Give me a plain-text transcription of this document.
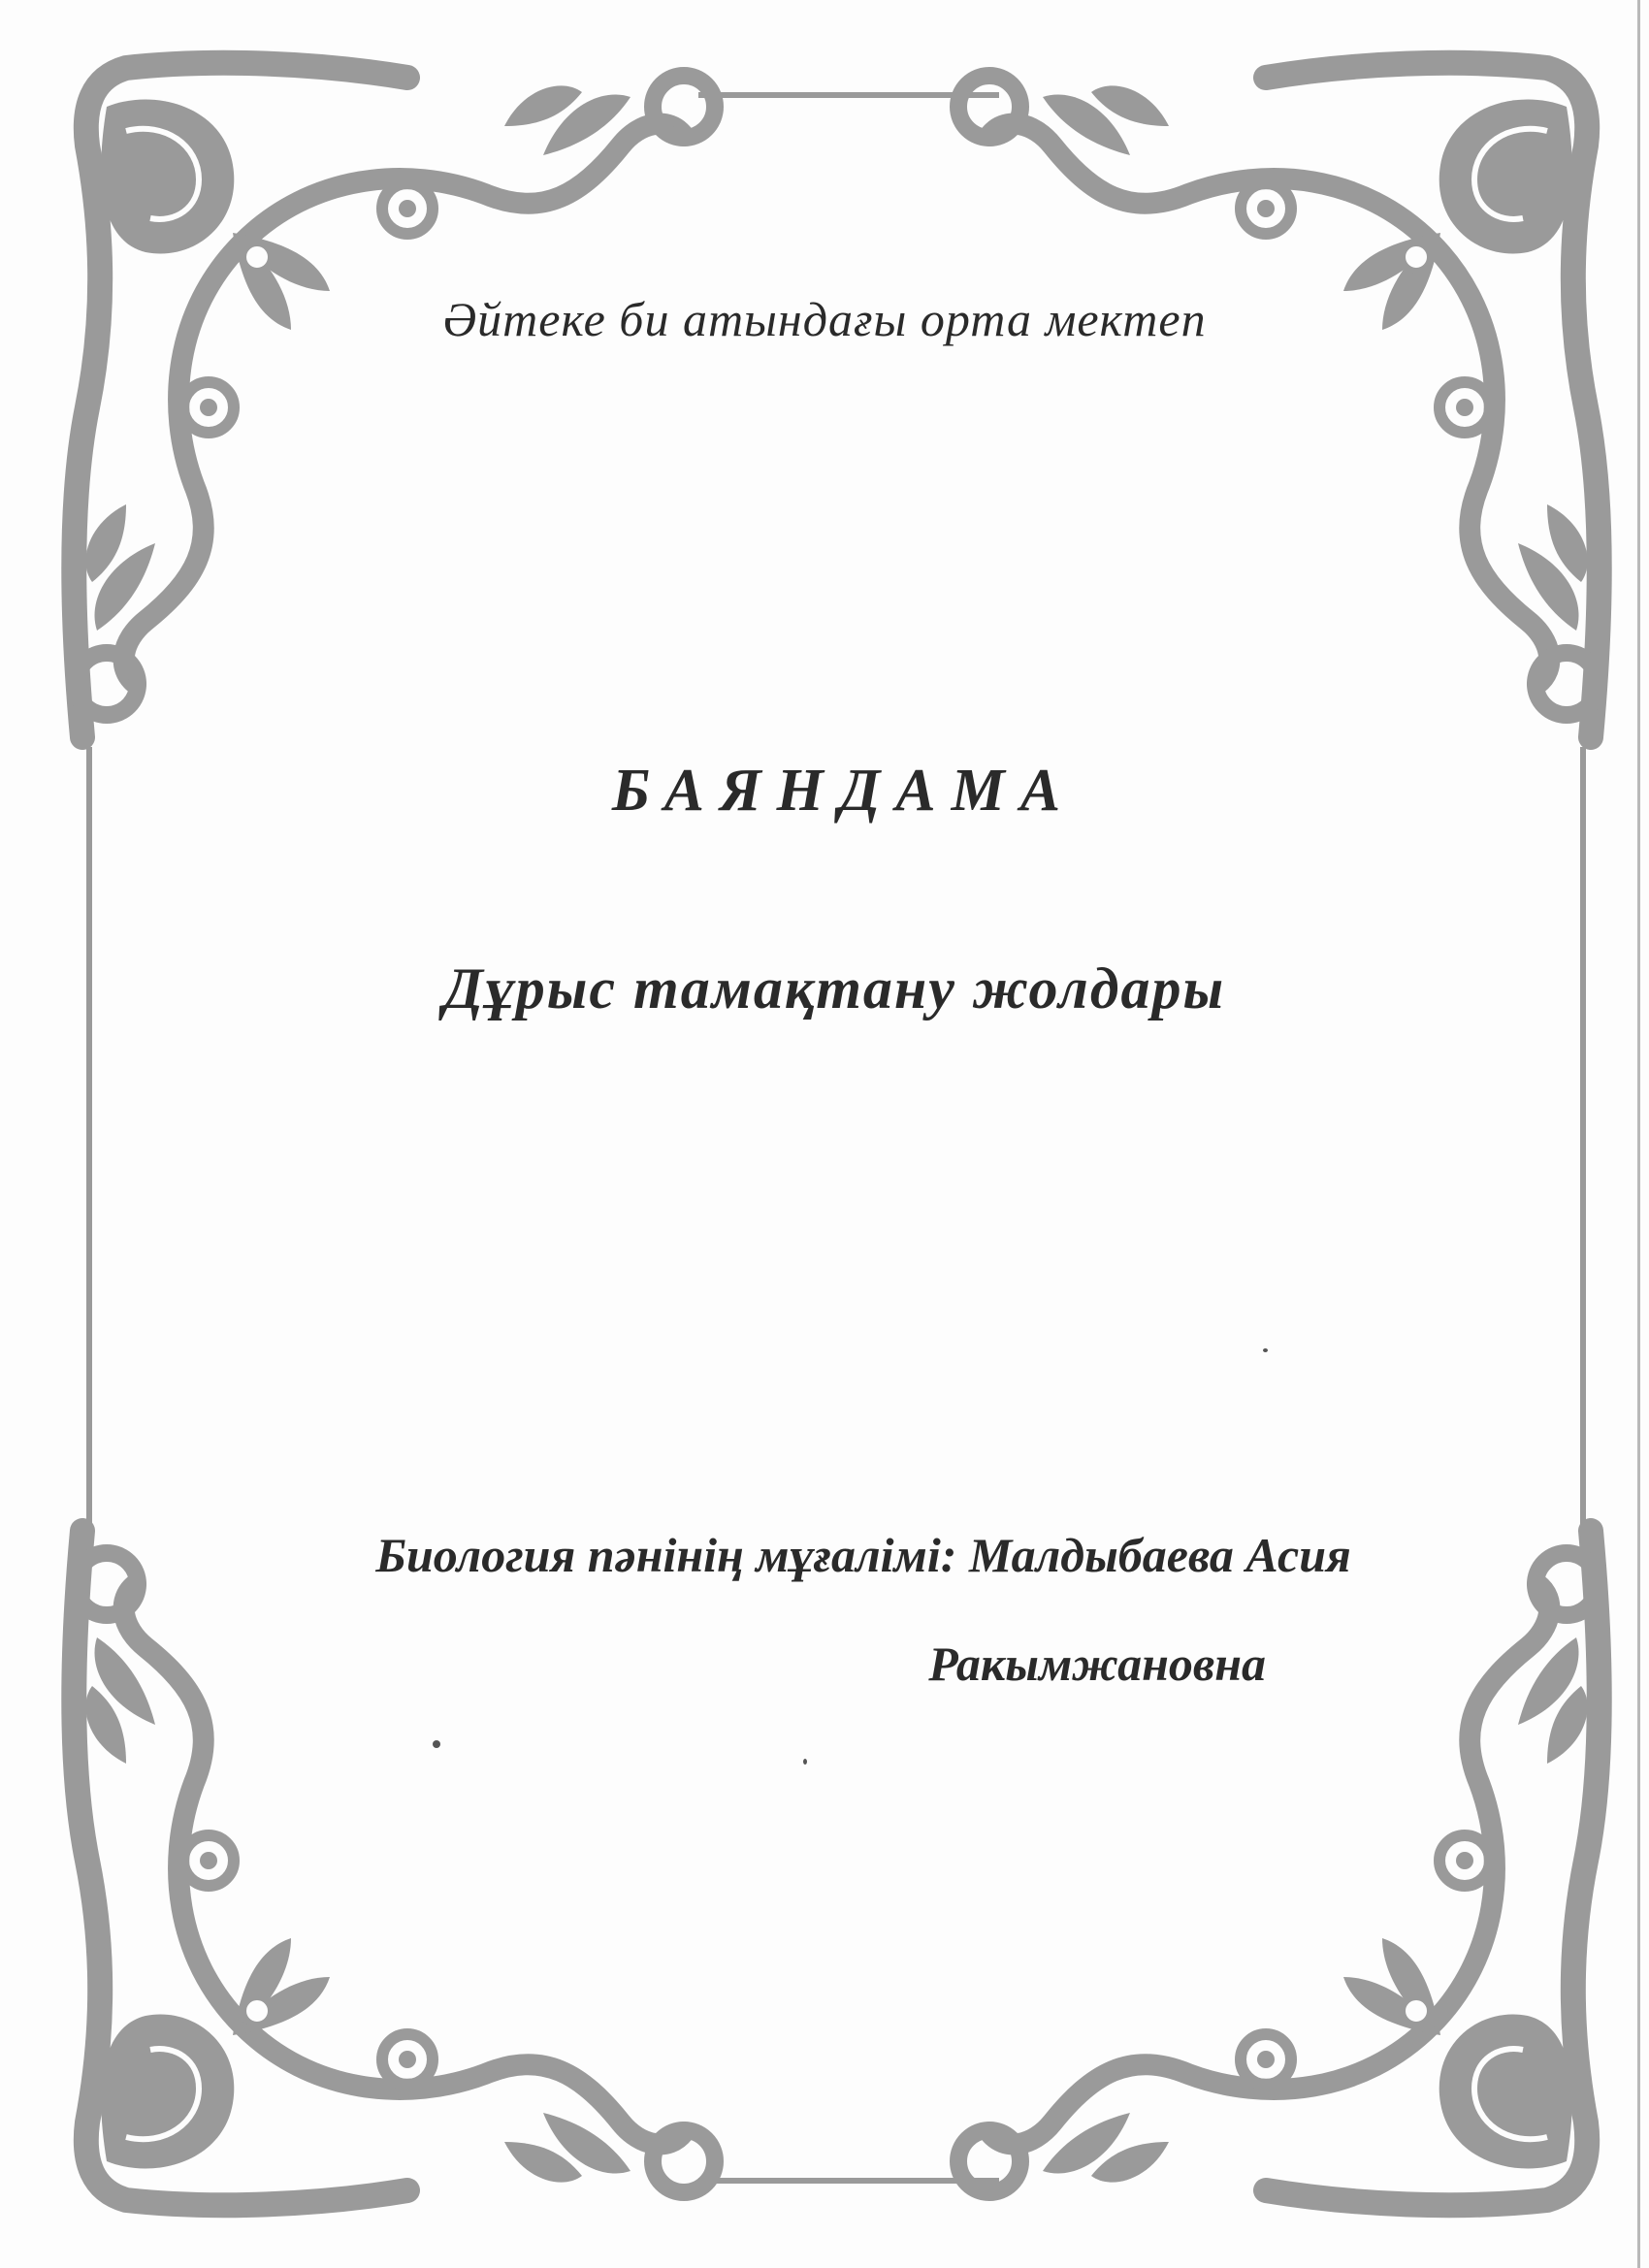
Әйтеке би атындағы орта мектеп
БАЯНДАМА
Дұрыс тамақтану жолдары
Биология пәнінің мұғалімі: Малдыбаева Асия
Ракымжановна
